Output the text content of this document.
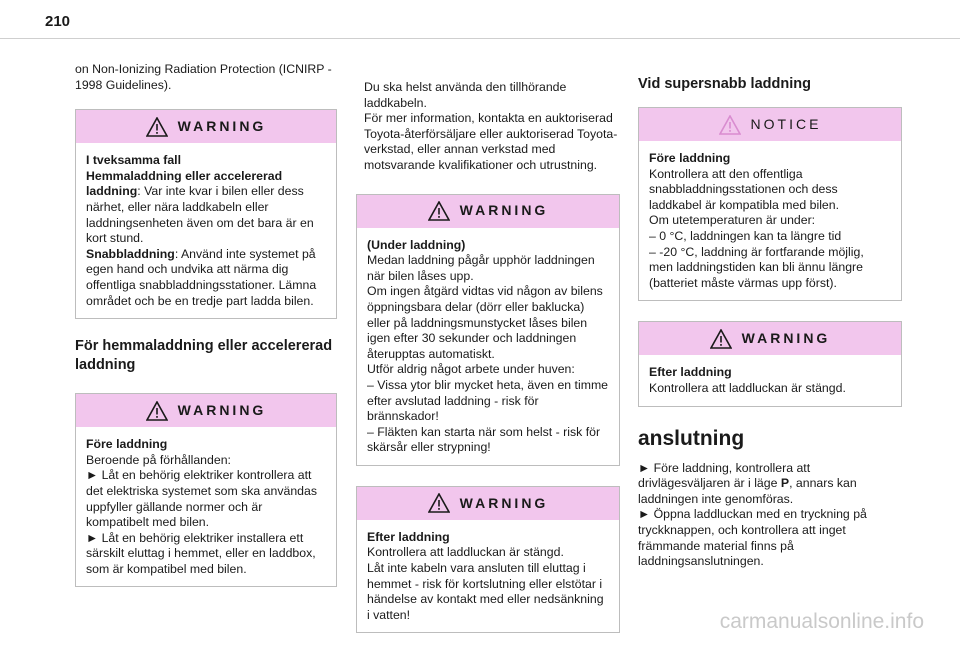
210

on Non-Ionizing Radiation Protection (ICNIRP - 1998 Guidelines).

WARNING

I tveksamma fall

Hemmaladdning eller accelererad laddning: Var inte kvar i bilen eller dess närhet, eller nära laddkabeln eller laddningsenheten även om det bara är en kort stund.

Snabbladdning: Använd inte systemet på egen hand och undvika att närma dig offentliga snabbladdningsstationer. Lämna området och be en tredje part ladda bilen.

För hemmaladdning eller accelererad laddning
WARNING

Före laddning

Beroende på förhållanden:

► Låt en behörig elektriker kontrollera att det elektriska systemet som ska användas uppfyller gällande normer och är kompatibelt med bilen.

► Låt en behörig elektriker installera ett särskilt eluttag i hemmet, eller en laddbox, som är kompatibel med bilen.

Du ska helst använda den tillhörande laddkabeln.
För mer information, kontakta en auktoriserad Toyota-återförsäljare eller auktoriserad Toyota-verkstad, eller annan verkstad med motsvarande kvalifikationer och utrustning.

WARNING

(Under laddning)

Medan laddning pågår upphör laddningen när bilen låses upp.

Om ingen åtgärd vidtas vid någon av bilens öppningsbara delar (dörr eller baklucka) eller på laddningsmunstycket låses bilen igen efter 30 sekunder och laddningen återupptas automatiskt.

Utför aldrig något arbete under huven:

– Vissa ytor blir mycket heta, även en timme efter avslutad laddning - risk för brännskador!

– Fläkten kan starta när som helst - risk för skärsår eller strypning!

WARNING

Efter laddning

Kontrollera att laddluckan är stängd.

Låt inte kabeln vara ansluten till eluttag i hemmet - risk för kortslutning eller elstötar i händelse av kontakt med eller nedsänkning i vatten!

Vid supersnabb laddning
NOTICE

Före laddning

Kontrollera att den offentliga snabbladdningsstationen och dess laddkabel är kompatibla med bilen.

Om utetemperaturen är under:

– 0 °C, laddningen kan ta längre tid

– -20 °C, laddning är fortfarande möjlig, men laddningstiden kan bli ännu längre (batteriet måste värmas upp först).

WARNING

Efter laddning

Kontrollera att laddluckan är stängd.

anslutning

► Före laddning, kontrollera att drivlägesväljaren är i läge P, annars kan laddningen inte genomföras.

► Öppna laddluckan med en tryckning på tryckknappen, och kontrollera att inget främmande material finns på laddningsanslutningen.

carmanualsonline.info
